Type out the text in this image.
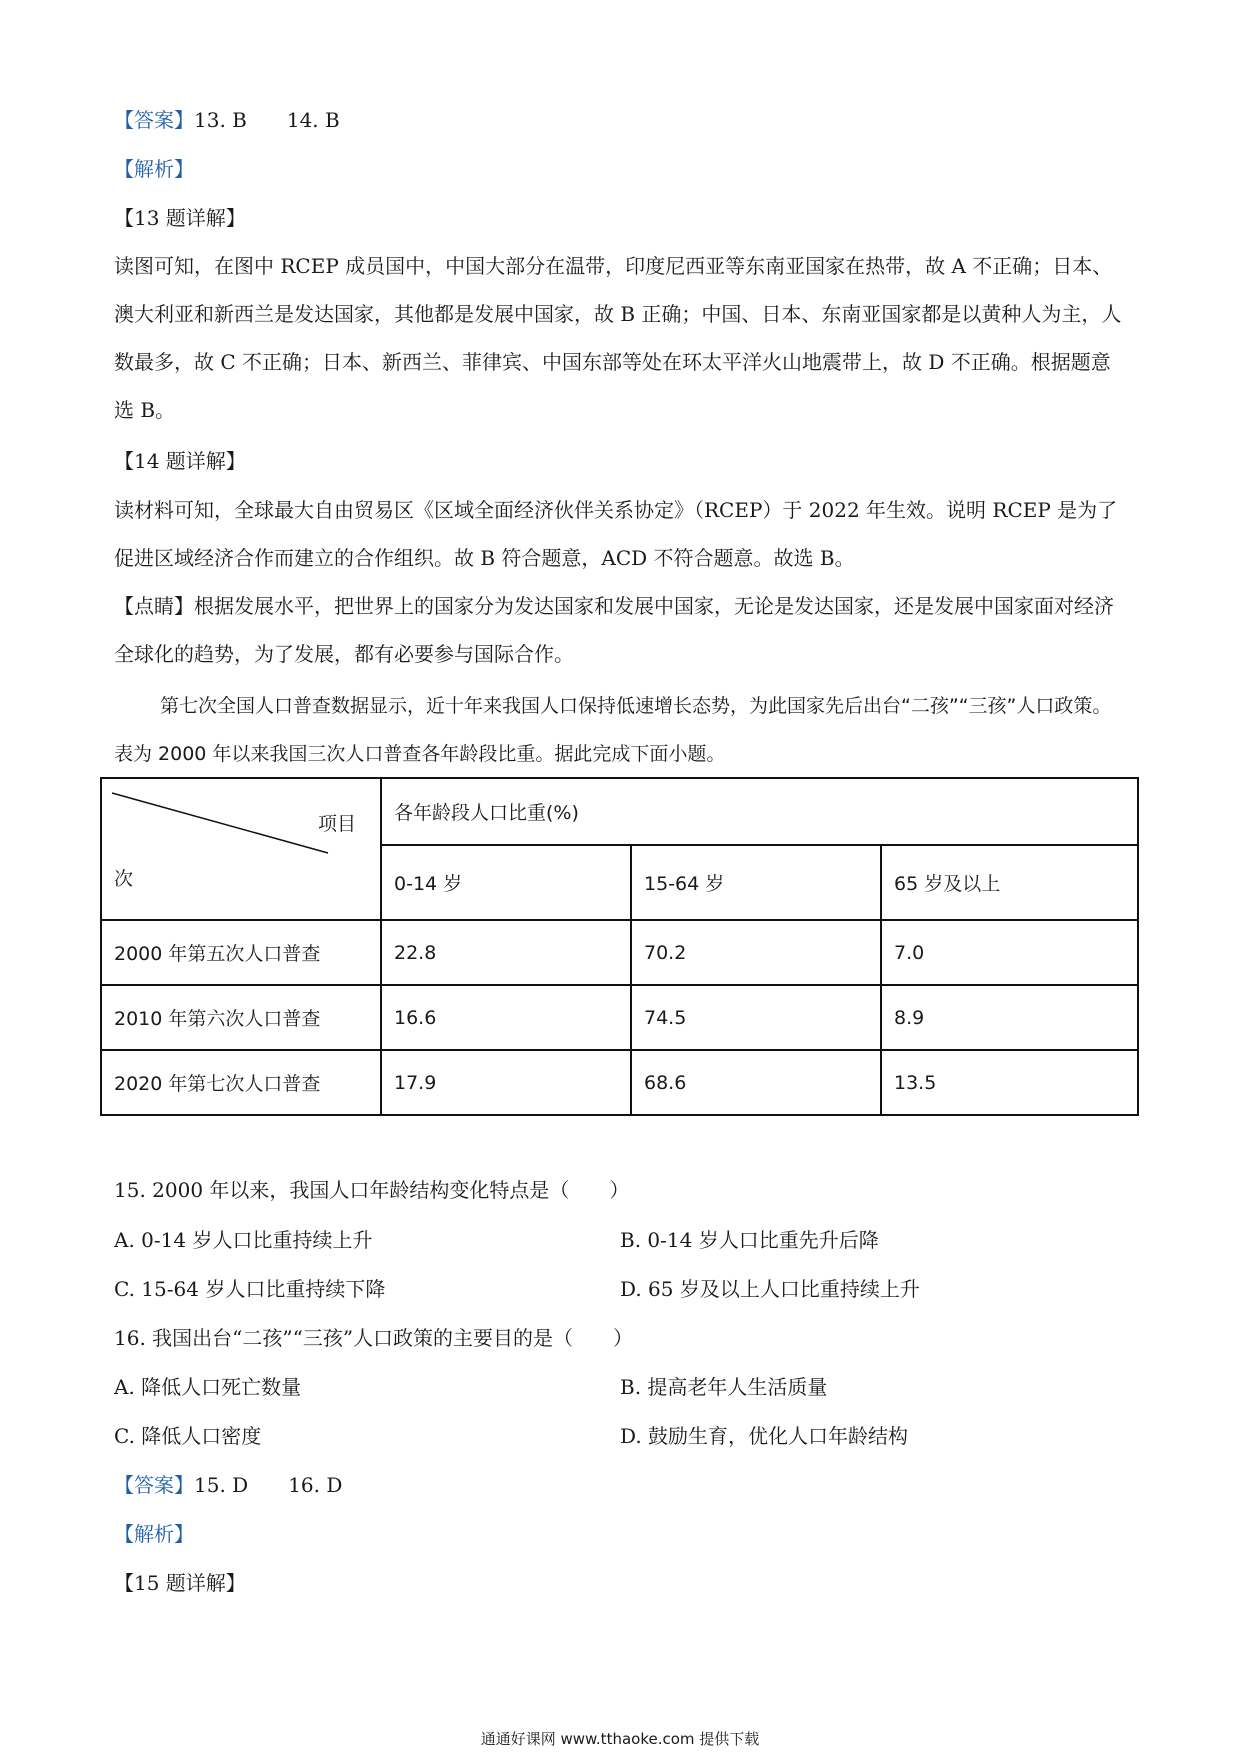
【答案】13. B　　14. B
【解析】
【13 题详解】
读图可知，在图中 RCEP 成员国中，中国大部分在温带，印度尼西亚等东南亚国家在热带，故 A 不正确；日本、澳大利亚和新西兰是发达国家，其他都是发展中国家，故 B 正确；中国、日本、东南亚国家都是以黄种人为主，人数最多，故 C 不正确；日本、新西兰、菲律宾、中国东部等处在环太平洋火山地震带上，故 D 不正确。根据题意选 B。
【14 题详解】
读材料可知，全球最大自由贸易区《区域全面经济伙伴关系协定》（RCEP）于 2022 年生效。说明 RCEP 是为了促进区域经济合作而建立的合作组织。故 B 符合题意，ACD 不符合题意。故选 B。
【点睛】根据发展水平，把世界上的国家分为发达国家和发展中国家，无论是发达国家，还是发展中国家面对经济全球化的趋势，为了发展，都有必要参与国际合作。
第七次全国人口普查数据显示，近十年来我国人口保持低速增长态势，为此国家先后出台“二孩”“三孩”人口政策。表为 2000 年以来我国三次人口普查各年龄段比重。据此完成下面小题。
项目
次	各年龄段人口比重(%)		
	0-14 岁	15-64 岁	65 岁及以上
2000 年第五次人口普查	22.8	70.2	7.0
2010 年第六次人口普查	16.6	74.5	8.9
2020 年第七次人口普查	17.9	68.6	13.5
15. 2000 年以来，我国人口年龄结构变化特点是（　　）
A. 0-14 岁人口比重持续上升	B. 0-14 岁人口比重先升后降
C. 15-64 岁人口比重持续下降	D. 65 岁及以上人口比重持续上升
16. 我国出台“二孩”“三孩”人口政策的主要目的是（　　）
A. 降低人口死亡数量	B. 提高老年人生活质量
C. 降低人口密度	D. 鼓励生育，优化人口年龄结构
【答案】15. D　　16. D
【解析】
【15 题详解】
通通好课网 www.tthaoke.com 提供下载
